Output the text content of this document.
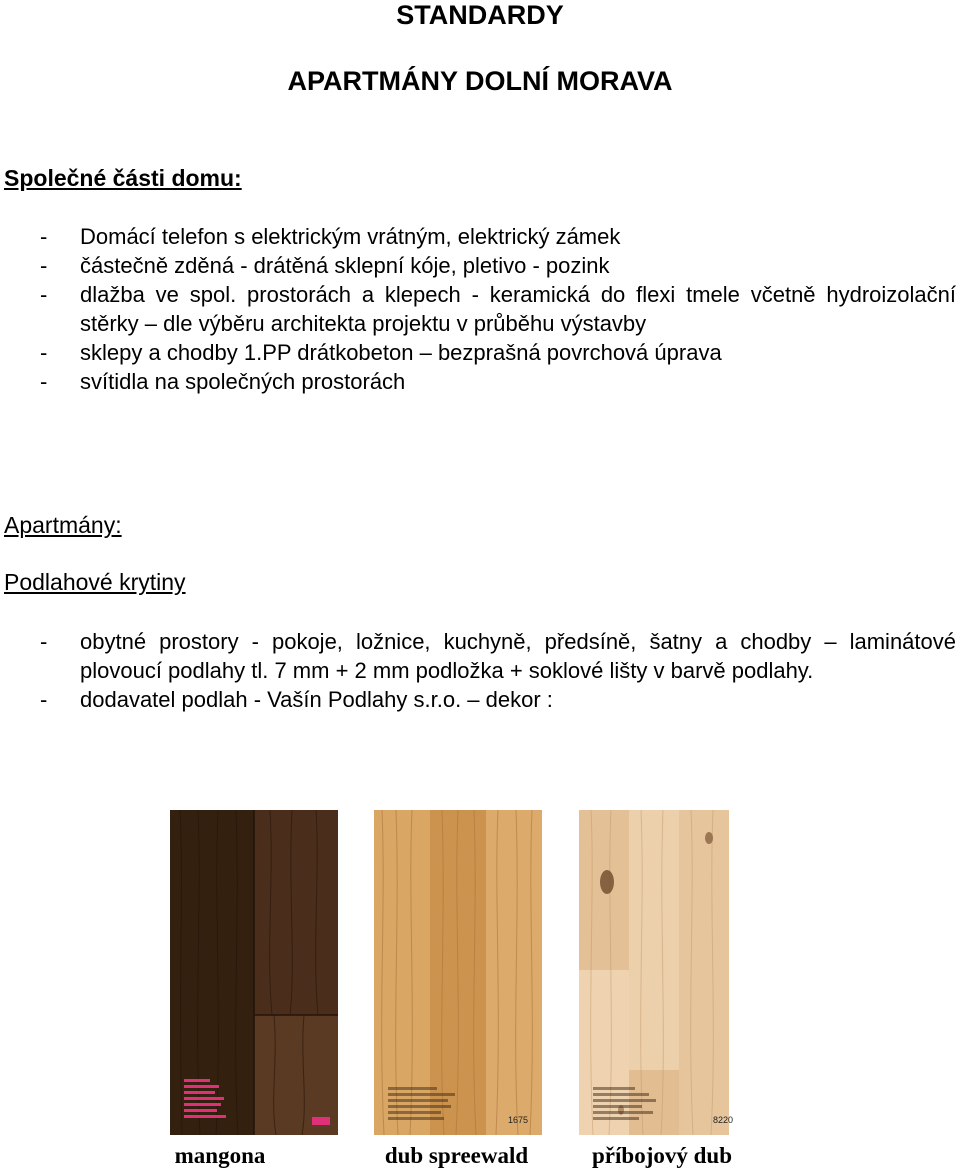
STANDARDY
APARTMÁNY DOLNÍ MORAVA

Společné části domu:

- Domácí telefon s elektrickým vrátným, elektrický zámek
- částečně zděná - drátěná sklepní kóje, pletivo - pozink
- dlažba ve spol. prostorách a klepech - keramická do flexi tmele včetně hydroizolační stěrky – dle výběru architekta projektu v průběhu výstavby
- sklepy a chodby 1.PP drátkobeton – bezprašná povrchová úprava
- svítidla na společných prostorách

Apartmány:

Podlahové krytiny

- obytné prostory - pokoje, ložnice, kuchyně, předsíně, šatny a chodby – laminátové plovoucí podlahy tl. 7 mm + 2 mm podložka + soklové lišty v barvě podlahy.
- dodavatel podlah - Vašín Podlahy s.r.o. – dekor :
1675	8220
mangona	dub spreewald	příbojový dub
